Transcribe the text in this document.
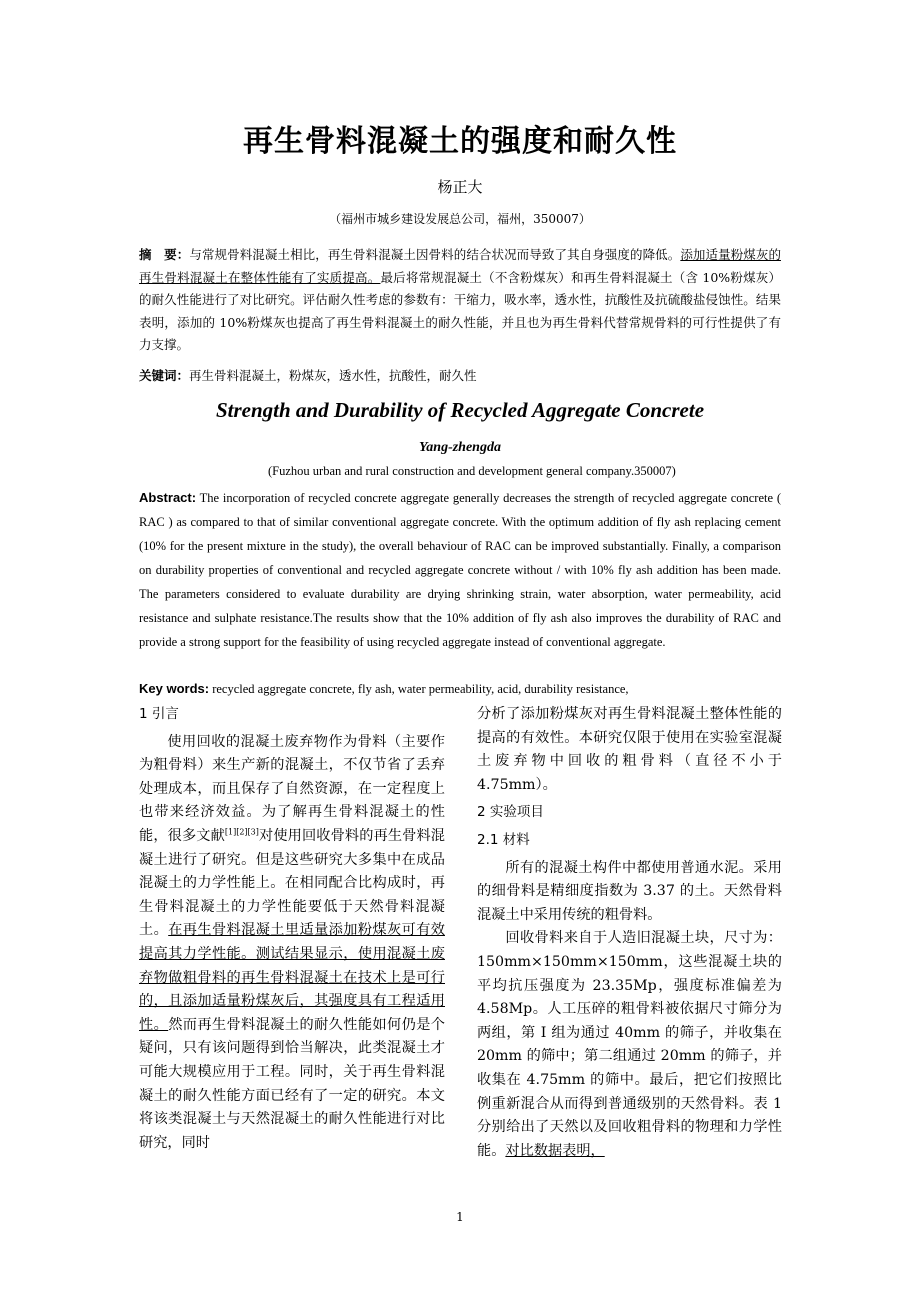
再生骨料混凝土的强度和耐久性
杨正大
（福州市城乡建设发展总公司，福州，350007）
摘　要：与常规骨料混凝土相比，再生骨料混凝土因骨料的结合状况而导致了其自身强度的降低。添加适量粉煤灰的再生骨料混凝土在整体性能有了实质提高。最后将常规混凝土（不含粉煤灰）和再生骨料混凝土（含 10%粉煤灰）的耐久性能进行了对比研究。评估耐久性考虑的参数有：干缩力，吸水率，透水性，抗酸性及抗硫酸盐侵蚀性。结果表明，添加的 10%粉煤灰也提高了再生骨料混凝土的耐久性能，并且也为再生骨料代替常规骨料的可行性提供了有力支撑。
关键词：再生骨料混凝土，粉煤灰，透水性，抗酸性，耐久性
Strength and Durability of Recycled Aggregate Concrete
Yang-zhengda
(Fuzhou urban and rural construction and development general company.350007)
Abstract: The incorporation of recycled concrete aggregate generally decreases the strength of recycled aggregate concrete ( RAC ) as compared to that of similar conventional aggregate concrete. With the optimum addition of fly ash replacing cement (10% for the present mixture in the study), the overall behaviour of RAC can be improved substantially. Finally, a comparison on durability properties of conventional and recycled aggregate concrete without / with 10% fly ash addition has been made. The parameters considered to evaluate durability are drying shrinking strain, water absorption, water permeability, acid resistance and sulphate resistance.The results show that the 10% addition of fly ash also improves the durability of RAC and provide a strong support for the feasibility of using recycled aggregate instead of conventional aggregate.
Key words: recycled aggregate concrete, fly ash, water permeability, acid, durability resistance,

1 引言

使用回收的混凝土废弃物作为骨料（主要作为粗骨料）来生产新的混凝土，不仅节省了丢弃处理成本，而且保存了自然资源，在一定程度上也带来经济效益。为了解再生骨料混凝土的性能，很多文献[1][2][3]对使用回收骨料的再生骨料混凝土进行了研究。但是这些研究大多集中在成品混凝土的力学性能上。在相同配合比构成时，再生骨料混凝土的力学性能要低于天然骨料混凝土。在再生骨料混凝土里适量添加粉煤灰可有效提高其力学性能。测试结果显示，使用混凝土废弃物做粗骨料的再生骨料混凝土在技术上是可行的，且添加适量粉煤灰后，其强度具有工程适用性。然而再生骨料混凝土的耐久性能如何仍是个疑问，只有该问题得到恰当解决，此类混凝土才可能大规模应用于工程。同时，关于再生骨料混凝土的耐久性能方面已经有了一定的研究。本文将该类混凝土与天然混凝土的耐久性能进行对比研究，同时

分析了添加粉煤灰对再生骨料混凝土整体性能的提高的有效性。本研究仅限于使用在实验室混凝土废弃物中回收的粗骨料（直径不小于 4.75mm）。

2 实验项目

2.1 材料

所有的混凝土构件中都使用普通水泥。采用的细骨料是精细度指数为 3.37 的土。天然骨料混凝土中采用传统的粗骨料。

回收骨料来自于人造旧混凝土块，尺寸为：150mm×150mm×150mm，这些混凝土块的平均抗压强度为 23.35Mp，强度标准偏差为 4.58Mp。人工压碎的粗骨料被依据尺寸筛分为两组，第 I 组为通过 40mm 的筛子，并收集在 20mm 的筛中；第二组通过 20mm 的筛子，并收集在 4.75mm 的筛中。最后，把它们按照比例重新混合从而得到普通级别的天然骨料。表 1 分别给出了天然以及回收粗骨料的物理和力学性能。对比数据表明，

1
